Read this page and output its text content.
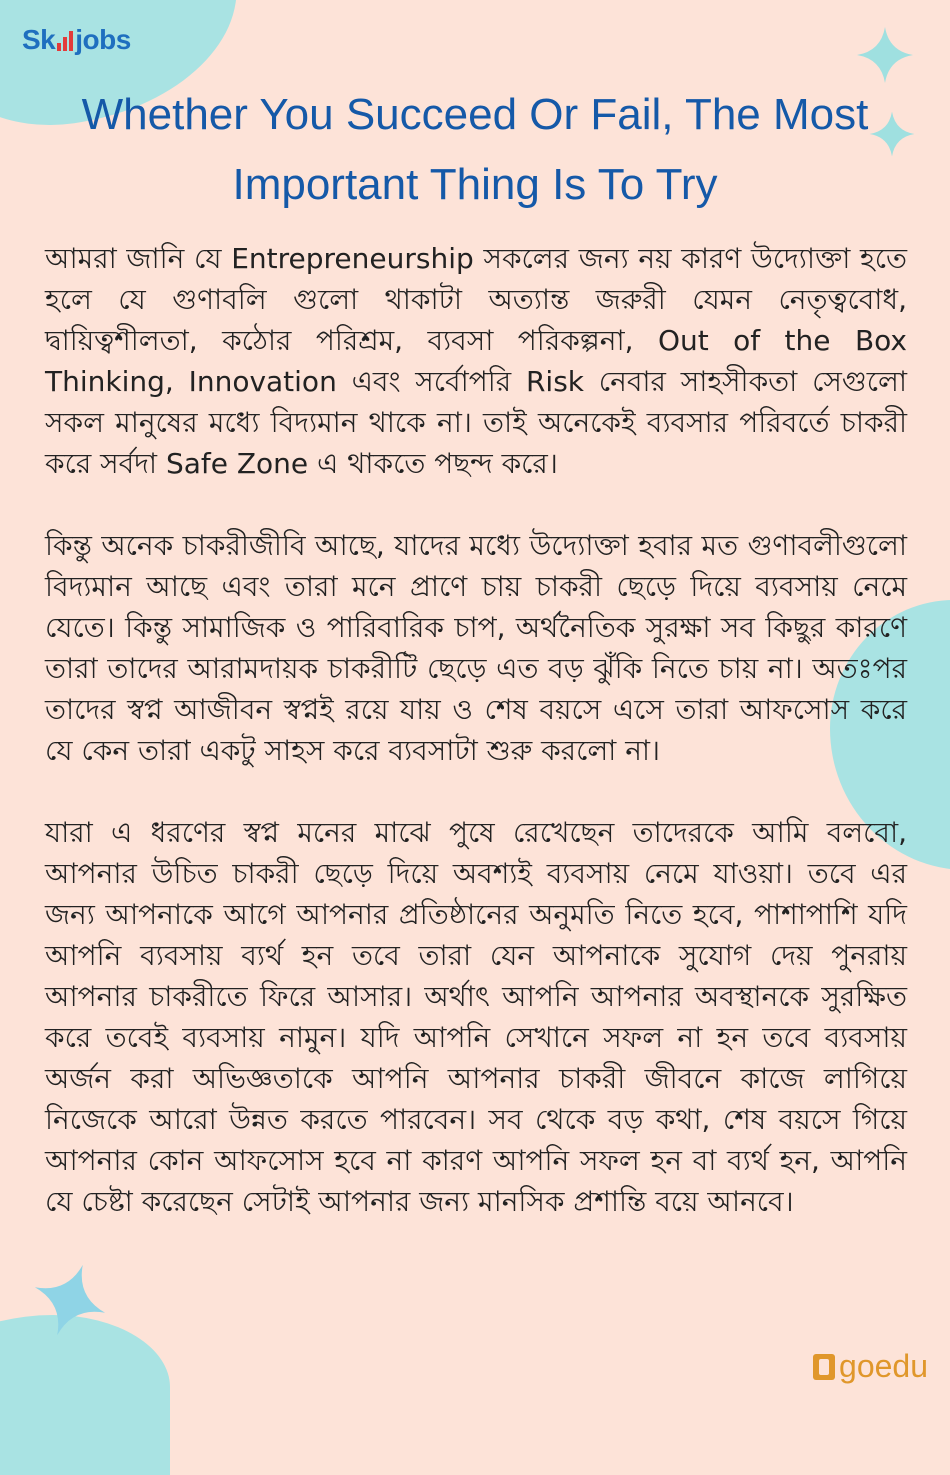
Sk jobs
Whether You Succeed Or Fail, The Most Important Thing Is To Try

আমরা জানি যে Entrepreneurship সকলের জন্য নয় কারণ উদ্যোক্তা হতে হলে যে গুণাবলি গুলো থাকাটা অত্যান্ত জরুরী যেমন নেতৃত্ববোধ, দ্বায়িত্বশীলতা, কঠোর পরিশ্রম, ব্যবসা পরিকল্পনা, Out of the Box Thinking, Innovation এবং সর্বোপরি Risk নেবার সাহসীকতা সেগুলো সকল মানুষের মধ্যে বিদ্যমান থাকে না। তাই অনেকেই ব্যবসার পরিবর্তে চাকরী করে সর্বদা Safe Zone এ থাকতে পছন্দ করে।

কিন্তু অনেক চাকরীজীবি আছে, যাদের মধ্যে উদ্যোক্তা হবার মত গুণাবলীগুলো বিদ্যমান আছে এবং তারা মনে প্রাণে চায় চাকরী ছেড়ে দিয়ে ব্যবসায় নেমে যেতে। কিন্তু সামাজিক ও পারিবারিক চাপ, অর্থনৈতিক সুরক্ষা সব কিছুর কারণে তারা তাদের আরামদায়ক চাকরীটি ছেড়ে এত বড় ঝুঁকি নিতে চায় না। অতঃপর তাদের স্বপ্ন আজীবন স্বপ্নই রয়ে যায় ও শেষ বয়সে এসে তারা আফসোস করে যে কেন তারা একটু সাহস করে ব্যবসাটা শুরু করলো না।

যারা এ ধরণের স্বপ্ন মনের মাঝে পুষে রেখেছেন তাদেরকে আমি বলবো, আপনার উচিত চাকরী ছেড়ে দিয়ে অবশ্যই ব্যবসায় নেমে যাওয়া। তবে এর জন্য আপনাকে আগে আপনার প্রতিষ্ঠানের অনুমতি নিতে হবে, পাশাপাশি যদি আপনি ব্যবসায় ব্যর্থ হন তবে তারা যেন আপনাকে সুযোগ দেয় পুনরায় আপনার চাকরীতে ফিরে আসার। অর্থাৎ আপনি আপনার অবস্থানকে সুরক্ষিত করে তবেই ব্যবসায় নামুন। যদি আপনি সেখানে সফল না হন তবে ব্যবসায় অর্জন করা অভিজ্ঞতাকে আপনি আপনার চাকরী জীবনে কাজে লাগিয়ে নিজেকে আরো উন্নত করতে পারবেন। সব থেকে বড় কথা, শেষ বয়সে গিয়ে আপনার কোন আফসোস হবে না কারণ আপনি সফল হন বা ব্যর্থ হন, আপনি যে চেষ্টা করেছেন সেটাই আপনার জন্য মানসিক প্রশান্তি বয়ে আনবে।

goedu
